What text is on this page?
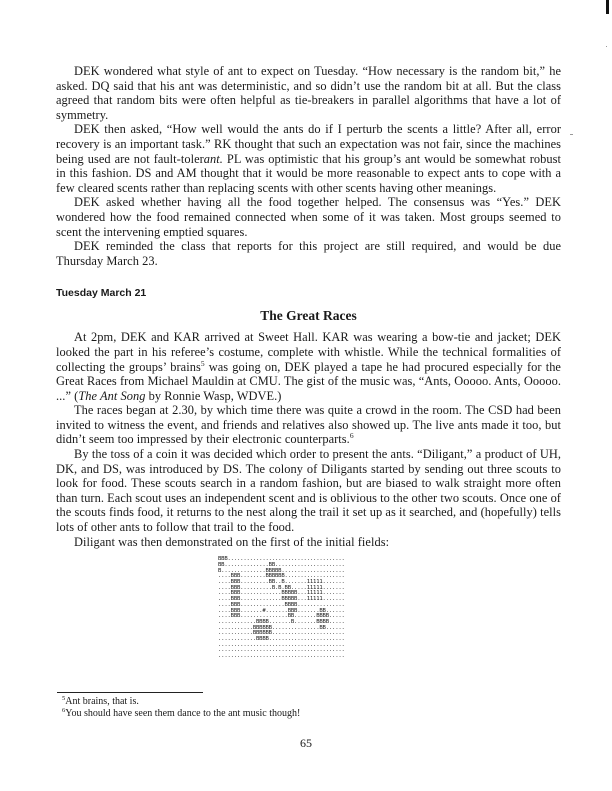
DEK wondered what style of ant to expect on Tuesday. “How necessary is the random bit,” he asked. DQ said that his ant was deterministic, and so didn’t use the random bit at all. But the class agreed that random bits were often helpful as tie-breakers in parallel algorithms that have a lot of symmetry.

DEK then asked, “How well would the ants do if I perturb the scents a little? After all, error recovery is an important task.” RK thought that such an expectation was not fair, since the machines being used are not fault-tolerant. PL was optimistic that his group’s ant would be somewhat robust in this fashion. DS and AM thought that it would be more reasonable to expect ants to cope with a few cleared scents rather than replacing scents with other scents having other meanings.

DEK asked whether having all the food together helped. The consensus was “Yes.” DEK wondered how the food remained connected when some of it was taken. Most groups seemed to scent the intervening emptied squares.

DEK reminded the class that reports for this project are still required, and would be due Thursday March 23.

Tuesday March 21
The Great Races

At 2pm, DEK and KAR arrived at Sweet Hall. KAR was wearing a bow-tie and jacket; DEK looked the part in his referee’s costume, complete with whistle. While the technical formalities of collecting the groups’ brains$^5$ was going on, DEK played a tape he had procured especially for the Great Races from Michael Mauldin at CMU. The gist of the music was, “Ants, Ooooo. Ants, Ooooo. ...” (The Ant Song by Ronnie Wasp, WDVE.)

The races began at 2.30, by which time there was quite a crowd in the room. The CSD had been invited to witness the event, and friends and relatives also showed up. The live ants made it too, but didn’t seem too impressed by their electronic counterparts.$^6$

By the toss of a coin it was decided which order to present the ants. “Diligant,” a product of UH, DK, and DS, was introduced by DS. The colony of Diligants started by sending out three scouts to look for food. These scouts search in a random fashion, but are biased to walk straight more often than turn. Each scout uses an independent scent and is oblivious to the other two scouts. Once one of the scouts finds food, it returns to the nest along the trail it set up as it searched, and (hopefully) tells lots of other ants to follow that trail to the food.

Diligant was then demonstrated on the first of the initial fields:

BBB.....................................
BB..............BB......................
B..............BBBBB....................
....BBB........BBBBBB...................
....BBB.........BB..B.......11111.......
....BBB..........B.B.BB.....11111.......
....BBB.............BBBBB...11111.......
....BBB.............BBBBB...11111.......
....BBB..............BBBB...............
....BBB.......#.......BBB.......BB......
....BBB...............BB.......BBBB.....
............BBBB.......B.......BBBB.....
...........BBBBBB...............BB......
...........BBBBBB.......................
............BBBB........................
........................................
........................................
........................................
$^5$Ant brains, that is.
$^6$You should have seen them dance to the ant music though!
65
